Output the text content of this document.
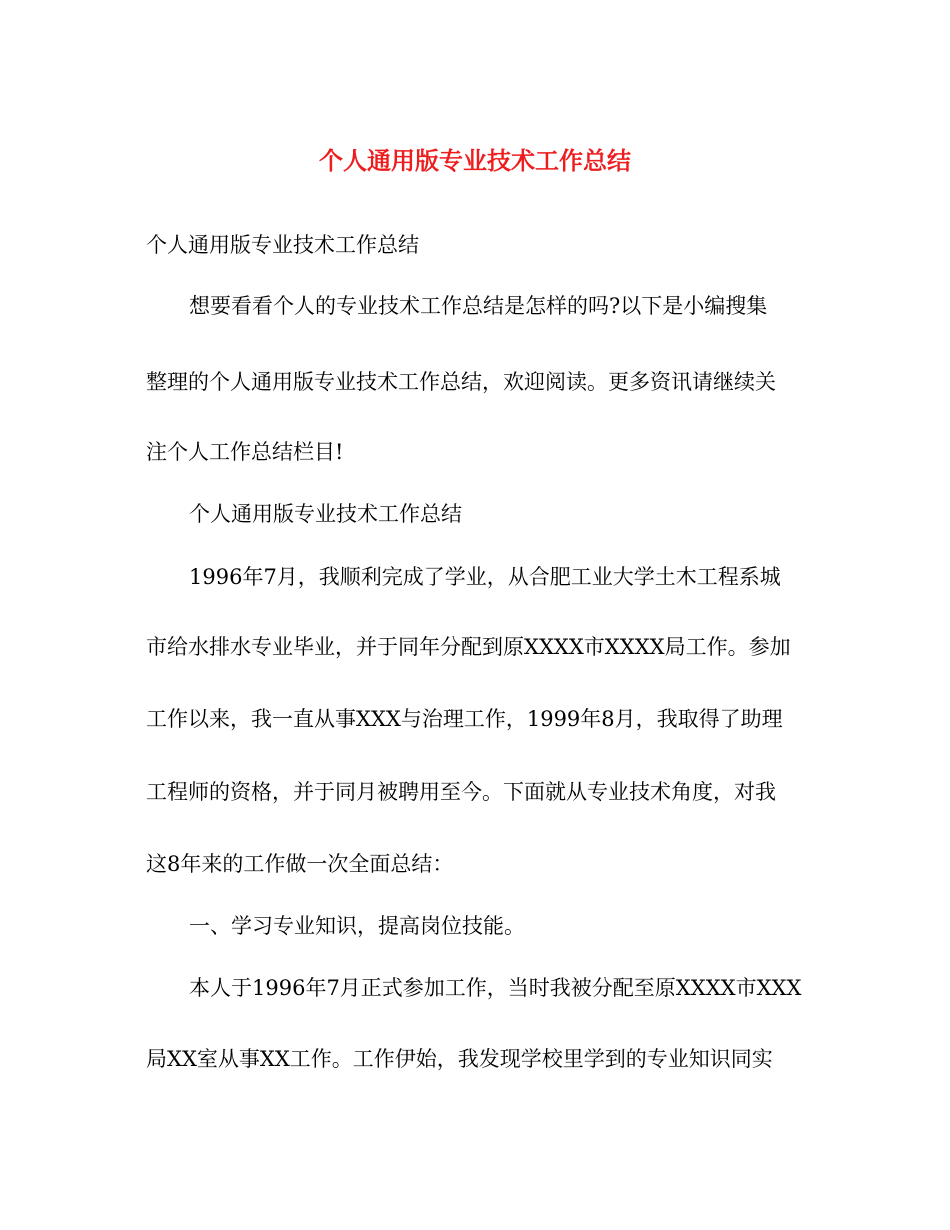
个人通用版专业技术工作总结
个人通用版专业技术工作总结
想要看看个人的专业技术工作总结是怎样的吗?以下是小编搜集
整理的个人通用版专业技术工作总结，欢迎阅读。更多资讯请继续关
注个人工作总结栏目!
个人通用版专业技术工作总结
1996年7月，我顺利完成了学业，从合肥工业大学土木工程系城
市给水排水专业毕业，并于同年分配到原XXXX市XXXX局工作。参加
工作以来，我一直从事XXX与治理工作，1999年8月，我取得了助理
工程师的资格，并于同月被聘用至今。下面就从专业技术角度，对我
这8年来的工作做一次全面总结：
一、学习专业知识，提高岗位技能。
本人于1996年7月正式参加工作，当时我被分配至原XXXX市XXX
局XX室从事XX工作。工作伊始，我发现学校里学到的专业知识同实
